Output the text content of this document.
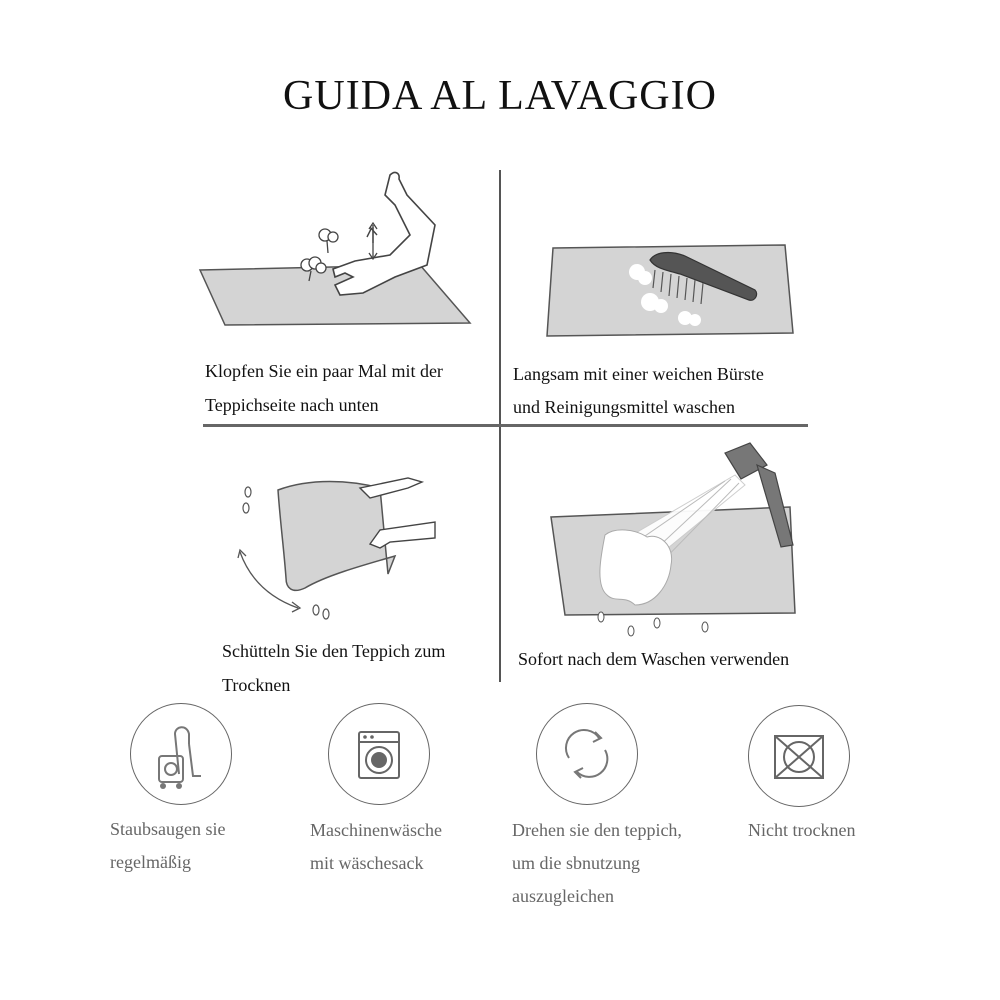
GUIDA AL LAVAGGIO
Klopfen Sie ein paar Mal mit der
Teppichseite nach unten
Langsam mit einer weichen Bürste
und Reinigungsmittel waschen
Schütteln Sie den Teppich zum
Trocknen
Sofort nach dem Waschen verwenden
Staubsaugen sie
regelmäßig
Maschinenwäsche
mit wäschesack
Drehen sie den teppich,
um die sbnutzung
auszugleichen
Nicht trocknen
